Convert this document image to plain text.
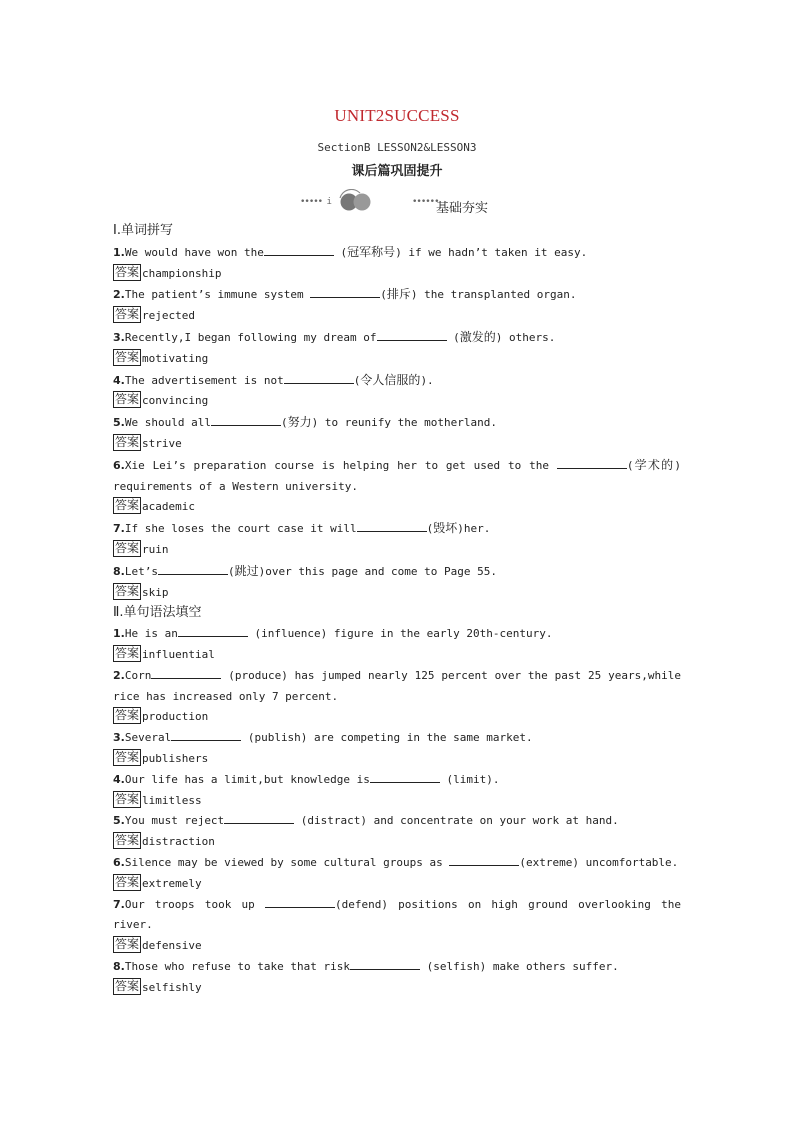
UNIT2SUCCESS
SectionB LESSON2&LESSON3
课后篇巩固提升
••••• i	••••••
基础夯实
Ⅰ.单词拼写
1.We would have won the	(冠军称号) if we hadn’t taken it easy.
答案 championship
2.The patient’s immune system	(排斥) the transplanted organ.
答案 rejected
3.Recently,I began following my dream of	(激发的) others.
答案 motivating
4.The advertisement is not	(令人信服的).
答案 convincing
5.We should all	(努力) to reunify the motherland.
答案 strive
6.Xie Lei’s preparation course is helping her to get used to the	(学术的) requirements of a Western university.
答案 academic
7.If she loses the court case it will	(毁坏)her.
答案 ruin
8.Let’s	(跳过)over this page and come to Page 55.
答案 skip
Ⅱ.单句语法填空
1.He is an	(influence) figure in the early 20th-century.
答案 influential
2.Corn	(produce) has jumped nearly 125 percent over the past 25 years,while rice has increased only 7 percent.
答案 production
3.Several	(publish) are competing in the same market.
答案 publishers
4.Our life has a limit,but knowledge is	(limit).
答案 limitless
5.You must reject	(distract) and concentrate on your work at hand.
答案 distraction
6.Silence may be viewed by some cultural groups as	(extreme) uncomfortable.
答案 extremely
7.Our troops took up	(defend) positions on high ground overlooking the river.
答案 defensive
8.Those who refuse to take that risk	(selfish) make others suffer.
答案 selfishly
